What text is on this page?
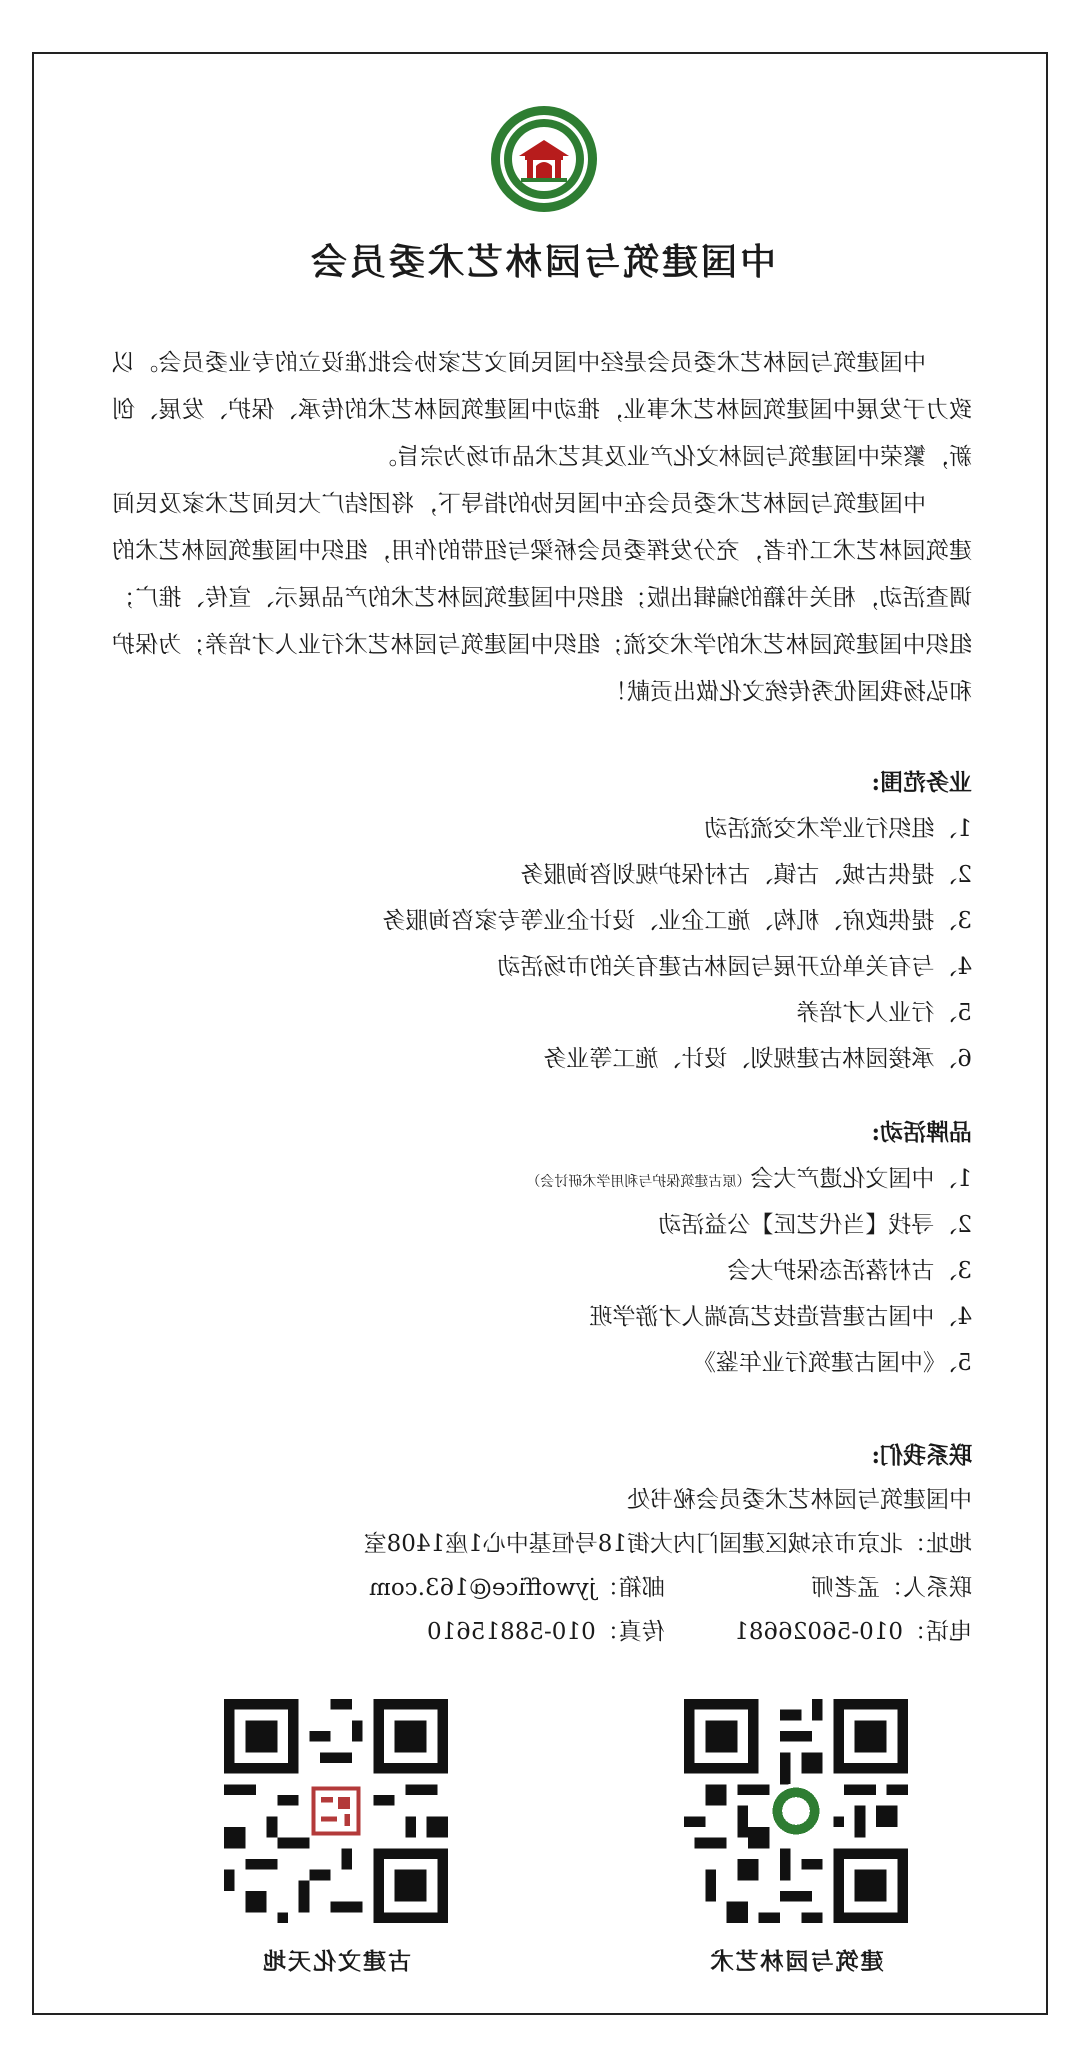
中国建筑与园林艺术委员会

中国建筑与园林艺术委员会是经中国民间文艺家协会批准设立的专业委员会。以致力于发展中国建筑园林艺术事业，推动中国建筑园林艺术的传承、保护、发展、创新，繁荣中国建筑与园林文化产业及其艺术品市场为宗旨。

中国建筑与园林艺术委员会在中国民协的指导下，将团结广大民间艺术家及民间建筑园林艺术工作者，充分发挥委员会桥梁与纽带的作用，组织中国建筑园林艺术的调查活动，相关书籍的编辑出版；组织中国建筑园林艺术的产品展示、宣传、推广；组织中国建筑园林艺术的学术交流；组织中国建筑与园林艺术行业人才培养；为保护和弘扬我国优秀传统文化做出贡献！

业务范围:
1、组织行业学术交流活动
2、提供古城、古镇、古村保护规划咨询服务
3、提供政府、机构、施工企业、设计企业等专家咨询服务
4、与有关单位开展与园林古建有关的市场活动
5、行业人才培养
6、承接园林古建规划、设计、施工等业务
品牌活动:
1、中国文化遗产大会（原古建筑保护与利用学术研讨会）
2、寻找【当代艺匠】公益活动
3、古村落活态保护大会
4、中国古建营造技艺高端人才游学班
5、《中国古建筑行业年鉴》
联系我们:
中国建筑与园林艺术委员会秘书处
地址：北京市东城区建国门内大街18号恒基中心1座1408室
联系人：孟老师 邮箱：jywoffice@163.com
电话：010-56026681 传真：010-58815610
建筑与园林艺术
古建文化天地
